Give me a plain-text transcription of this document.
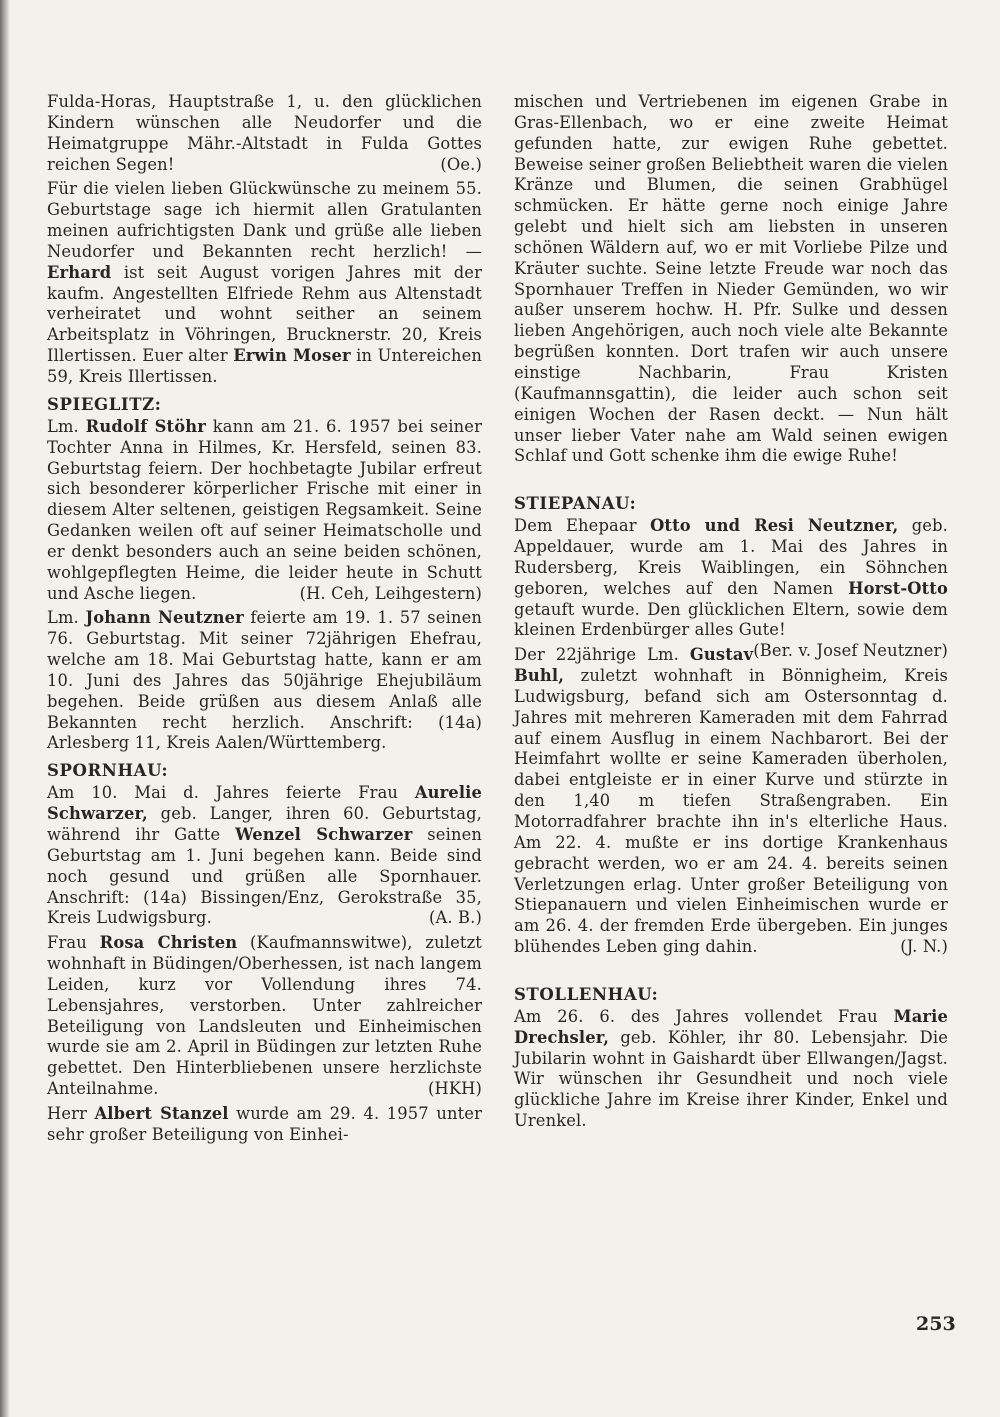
Fulda-Horas, Hauptstraße 1, u. den glücklichen Kindern wünschen alle Neudorfer und die Heimatgruppe Mähr.-Altstadt in Fulda Gottes reichen Segen!	(Oe.)

Für die vielen lieben Glückwünsche zu meinem 55. Geburtstage sage ich hiermit allen Gratulanten meinen aufrichtigsten Dank und grüße alle lieben Neudorfer und Bekannten recht herzlich! — Erhard ist seit August vorigen Jahres mit der kaufm. Angestellten Elfriede Rehm aus Altenstadt verheiratet und wohnt seither an seinem Arbeitsplatz in Vöhringen, Brucknerstr. 20, Kreis Illertissen. Euer alter Erwin Moser in Untereichen 59, Kreis Illertissen.

SPIEGLITZ:

Lm. Rudolf Stöhr kann am 21. 6. 1957 bei seiner Tochter Anna in Hilmes, Kr. Hersfeld, seinen 83. Geburtstag feiern. Der hochbetagte Jubilar erfreut sich besonderer körperlicher Frische mit einer in diesem Alter seltenen, geistigen Regsamkeit. Seine Gedanken weilen oft auf seiner Heimatscholle und er denkt besonders auch an seine beiden schönen, wohlgepflegten Heime, die leider heute in Schutt und Asche liegen.	(H. Ceh, Leihgestern)

Lm. Johann Neutzner feierte am 19. 1. 57 seinen 76. Geburtstag. Mit seiner 72jährigen Ehefrau, welche am 18. Mai Geburtstag hatte, kann er am 10. Juni des Jahres das 50jährige Ehejubiläum begehen. Beide grüßen aus diesem Anlaß alle Bekannten recht herzlich. Anschrift: (14a) Arlesberg 11, Kreis Aalen/Württemberg.

SPORNHAU:

Am 10. Mai d. Jahres feierte Frau Aurelie Schwarzer, geb. Langer, ihren 60. Geburtstag, während ihr Gatte Wenzel Schwarzer seinen Geburtstag am 1. Juni begehen kann. Beide sind noch gesund und grüßen alle Spornhauer. Anschrift: (14a) Bissingen/Enz, Gerokstraße 35, Kreis Ludwigsburg.	(A. B.)

Frau Rosa Christen (Kaufmannswitwe), zuletzt wohnhaft in Büdingen/Oberhessen, ist nach langem Leiden, kurz vor Vollendung ihres 74. Lebensjahres, verstorben. Unter zahlreicher Beteiligung von Landsleuten und Einheimischen wurde sie am 2. April in Büdingen zur letzten Ruhe gebettet. Den Hinterbliebenen unsere herzlichste Anteilnahme.	(HKH)

Herr Albert Stanzel wurde am 29. 4. 1957 unter sehr großer Beteiligung von Einhei-

mischen und Vertriebenen im eigenen Grabe in Gras-Ellenbach, wo er eine zweite Heimat gefunden hatte, zur ewigen Ruhe gebettet. Beweise seiner großen Beliebtheit waren die vielen Kränze und Blumen, die seinen Grabhügel schmücken. Er hätte gerne noch einige Jahre gelebt und hielt sich am liebsten in unseren schönen Wäldern auf, wo er mit Vorliebe Pilze und Kräuter suchte. Seine letzte Freude war noch das Spornhauer Treffen in Nieder Gemünden, wo wir außer unserem hochw. H. Pfr. Sulke und dessen lieben Angehörigen, auch noch viele alte Bekannte begrüßen konnten. Dort trafen wir auch unsere einstige Nachbarin, Frau Kristen (Kaufmannsgattin), die leider auch schon seit einigen Wochen der Rasen deckt. — Nun hält unser lieber Vater nahe am Wald seinen ewigen Schlaf und Gott schenke ihm die ewige Ruhe!

STIEPANAU:

Dem Ehepaar Otto und Resi Neutzner, geb. Appeldauer, wurde am 1. Mai des Jahres in Rudersberg, Kreis Waiblingen, ein Söhnchen geboren, welches auf den Namen Horst-Otto getauft wurde. Den glücklichen Eltern, sowie dem kleinen Erdenbürger alles Gute!
(Ber. v. Josef Neutzner)

Der 22jährige Lm. Gustav Buhl, zuletzt wohnhaft in Bönnigheim, Kreis Ludwigsburg, befand sich am Ostersonntag d. Jahres mit mehreren Kameraden mit dem Fahrrad auf einem Ausflug in einem Nachbarort. Bei der Heimfahrt wollte er seine Kameraden überholen, dabei entgleiste er in einer Kurve und stürzte in den 1,40 m tiefen Straßengraben. Ein Motorradfahrer brachte ihn in's elterliche Haus. Am 22. 4. mußte er ins dortige Krankenhaus gebracht werden, wo er am 24. 4. bereits seinen Verletzungen erlag. Unter großer Beteiligung von Stiepanauern und vielen Einheimischen wurde er am 26. 4. der fremden Erde übergeben. Ein junges blühendes Leben ging dahin.	(J. N.)

STOLLENHAU:

Am 26. 6. des Jahres vollendet Frau Marie Drechsler, geb. Köhler, ihr 80. Lebensjahr. Die Jubilarin wohnt in Gaishardt über Ellwangen/Jagst. Wir wünschen ihr Gesundheit und noch viele glückliche Jahre im Kreise ihrer Kinder, Enkel und Urenkel.

253
